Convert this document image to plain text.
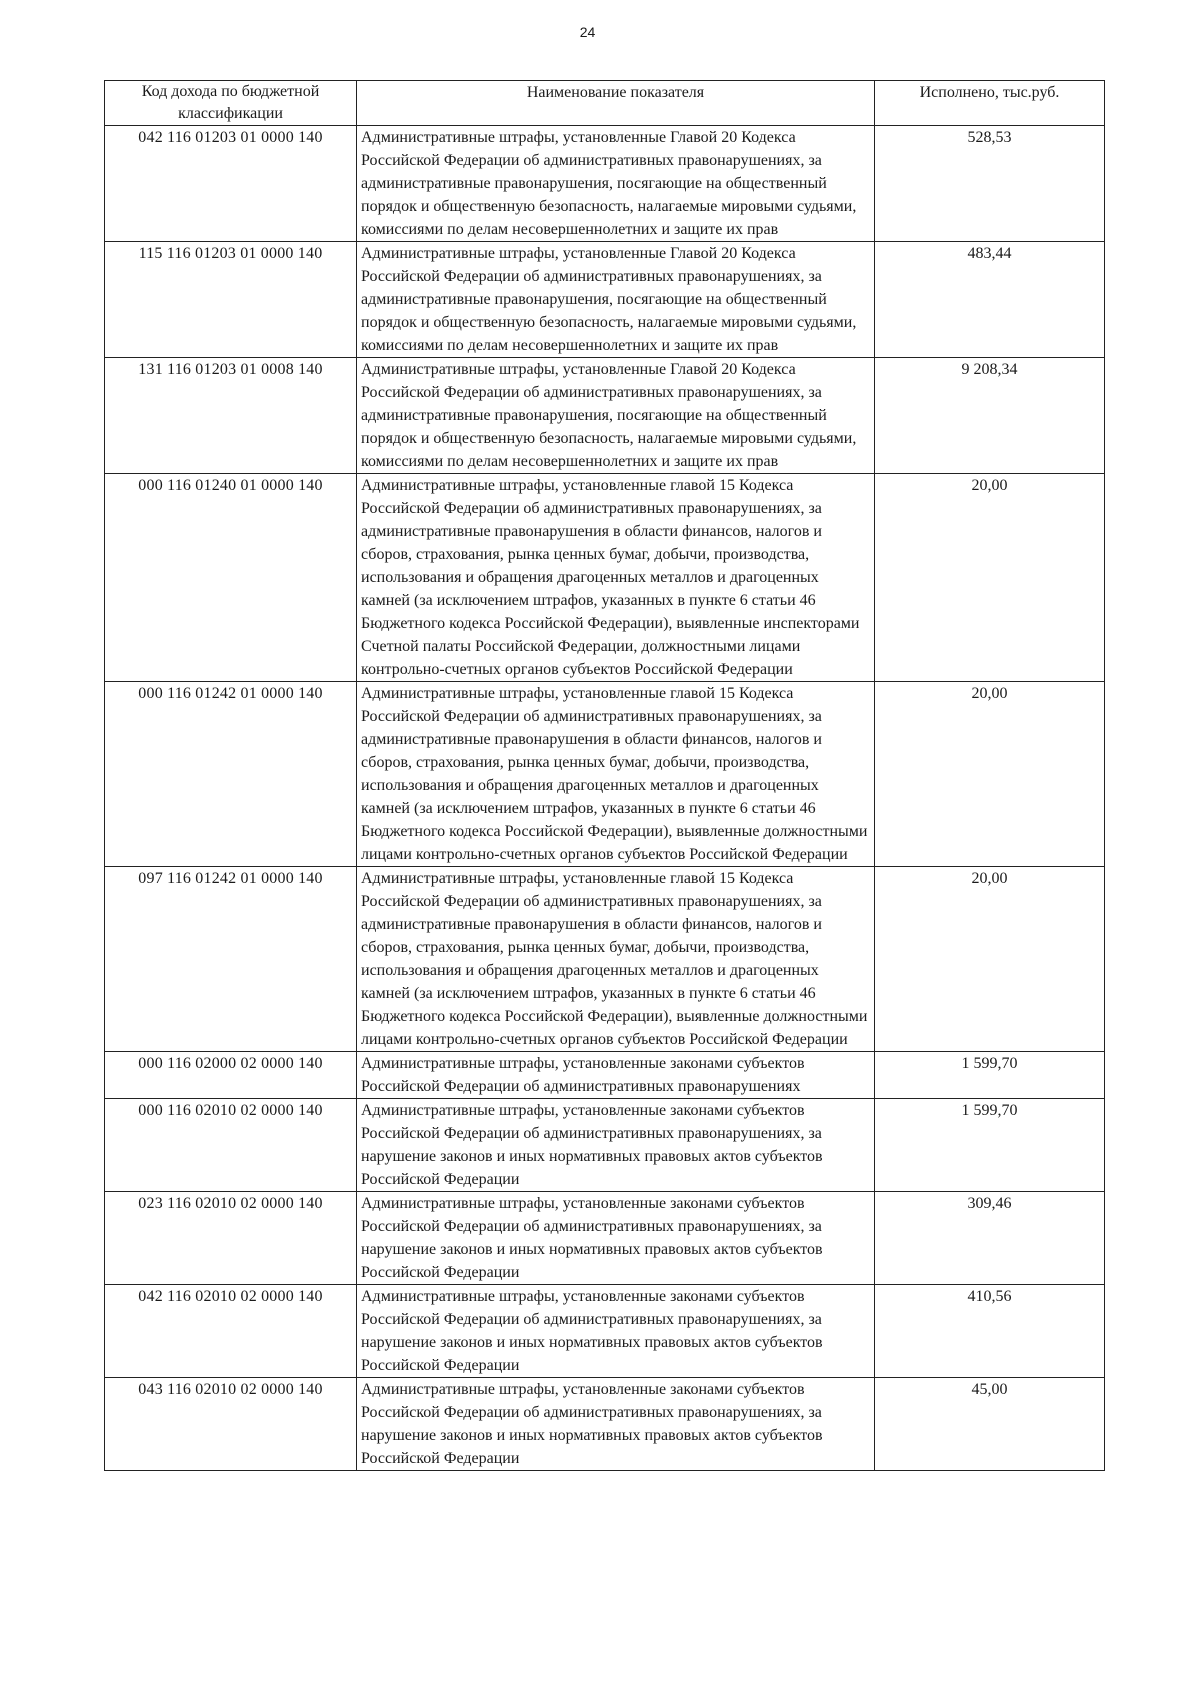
24
Код дохода по бюджетной классификации	Наименование показателя	Исполнено, тыс.руб.
042 116 01203 01 0000 140	Административные штрафы, установленные Главой 20 Кодекса Российской Федерации об административных правонарушениях, за административные правонарушения, посягающие на общественный порядок и общественную безопасность, налагаемые мировыми судьями, комиссиями по делам несовершеннолетних и защите их прав	528,53
115 116 01203 01 0000 140	Административные штрафы, установленные Главой 20 Кодекса Российской Федерации об административных правонарушениях, за административные правонарушения, посягающие на общественный порядок и общественную безопасность, налагаемые мировыми судьями, комиссиями по делам несовершеннолетних и защите их прав	483,44
131 116 01203 01 0008 140	Административные штрафы, установленные Главой 20 Кодекса Российской Федерации об административных правонарушениях, за административные правонарушения, посягающие на общественный порядок и общественную безопасность, налагаемые мировыми судьями, комиссиями по делам несовершеннолетних и защите их прав	9 208,34
000 116 01240 01 0000 140	Административные штрафы, установленные главой 15 Кодекса Российской Федерации об административных правонарушениях, за административные правонарушения в области финансов, налогов и сборов, страхования, рынка ценных бумаг, добычи, производства, использования и обращения драгоценных металлов и драгоценных камней (за исключением штрафов, указанных в пункте 6 статьи 46 Бюджетного кодекса Российской Федерации), выявленные инспекторами Счетной палаты Российской Федерации, должностными лицами контрольно-счетных органов субъектов Российской Федерации	20,00
000 116 01242 01 0000 140	Административные штрафы, установленные главой 15 Кодекса Российской Федерации об административных правонарушениях, за административные правонарушения в области финансов, налогов и сборов, страхования, рынка ценных бумаг, добычи, производства, использования и обращения драгоценных металлов и драгоценных камней (за исключением штрафов, указанных в пункте 6 статьи 46 Бюджетного кодекса Российской Федерации), выявленные должностными лицами контрольно-счетных органов субъектов Российской Федерации	20,00
097 116 01242 01 0000 140	Административные штрафы, установленные главой 15 Кодекса Российской Федерации об административных правонарушениях, за административные правонарушения в области финансов, налогов и сборов, страхования, рынка ценных бумаг, добычи, производства, использования и обращения драгоценных металлов и драгоценных камней (за исключением штрафов, указанных в пункте 6 статьи 46 Бюджетного кодекса Российской Федерации), выявленные должностными лицами контрольно-счетных органов субъектов Российской Федерации	20,00
000 116 02000 02 0000 140	Административные штрафы, установленные законами субъектов Российской Федерации об административных правонарушениях	1 599,70
000 116 02010 02 0000 140	Административные штрафы, установленные законами субъектов Российской Федерации об административных правонарушениях, за нарушение законов и иных нормативных правовых актов субъектов Российской Федерации	1 599,70
023 116 02010 02 0000 140	Административные штрафы, установленные законами субъектов Российской Федерации об административных правонарушениях, за нарушение законов и иных нормативных правовых актов субъектов Российской Федерации	309,46
042 116 02010 02 0000 140	Административные штрафы, установленные законами субъектов Российской Федерации об административных правонарушениях, за нарушение законов и иных нормативных правовых актов субъектов Российской Федерации	410,56
043 116 02010 02 0000 140	Административные штрафы, установленные законами субъектов Российской Федерации об административных правонарушениях, за нарушение законов и иных нормативных правовых актов субъектов Российской Федерации	45,00
